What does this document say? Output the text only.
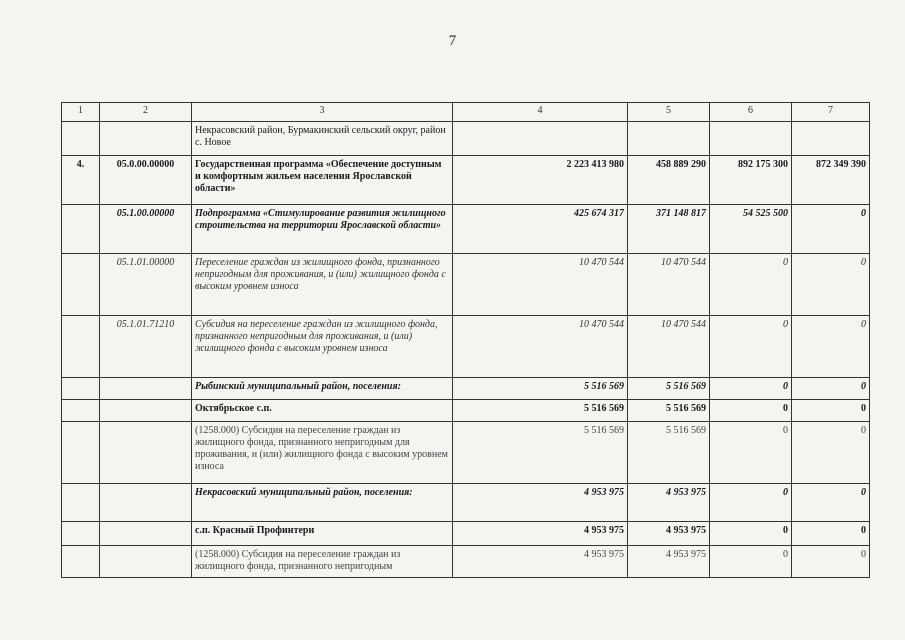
7
1	2	3	4	5	6	7
		Некрасовский район, Бурмакинский сельский округ, район с. Новое				
4.	05.0.00.00000	Государственная программа «Обеспечение доступным и комфортным жильем населения Ярославской области»	2 223 413 980	458 889 290	892 175 300	872 349 390
	05.1.00.00000	Подпрограмма «Стимулирование развития жилищного строительства на территории Ярославской области»	425 674 317	371 148 817	54 525 500	0
	05.1.01.00000	Переселение граждан из жилищного фонда, признанного непригодным для проживания, и (или) жилищного фонда с высоким уровнем износа	10 470 544	10 470 544	0	0
	05.1.01.71210	Субсидия на переселение граждан из жилищного фонда, признанного непригодным для проживания, и (или) жилищного фонда с высоким уровнем износа	10 470 544	10 470 544	0	0
		Рыбинский муниципальный район, поселения:	5 516 569	5 516 569	0	0
		Октябрьское с.п.	5 516 569	5 516 569	0	0
		(1258.000) Субсидия на переселение граждан из жилищного фонда, признанного непригодным для проживания, и (или) жилищного фонда с высоким уровнем износа	5 516 569	5 516 569	0	0
		Некрасовский муниципальный район, поселения:	4 953 975	4 953 975	0	0
		с.п. Красный Профинтерн	4 953 975	4 953 975	0	0
		(1258.000) Субсидия на переселение граждан из жилищного фонда, признанного непригодным	4 953 975	4 953 975	0	0
